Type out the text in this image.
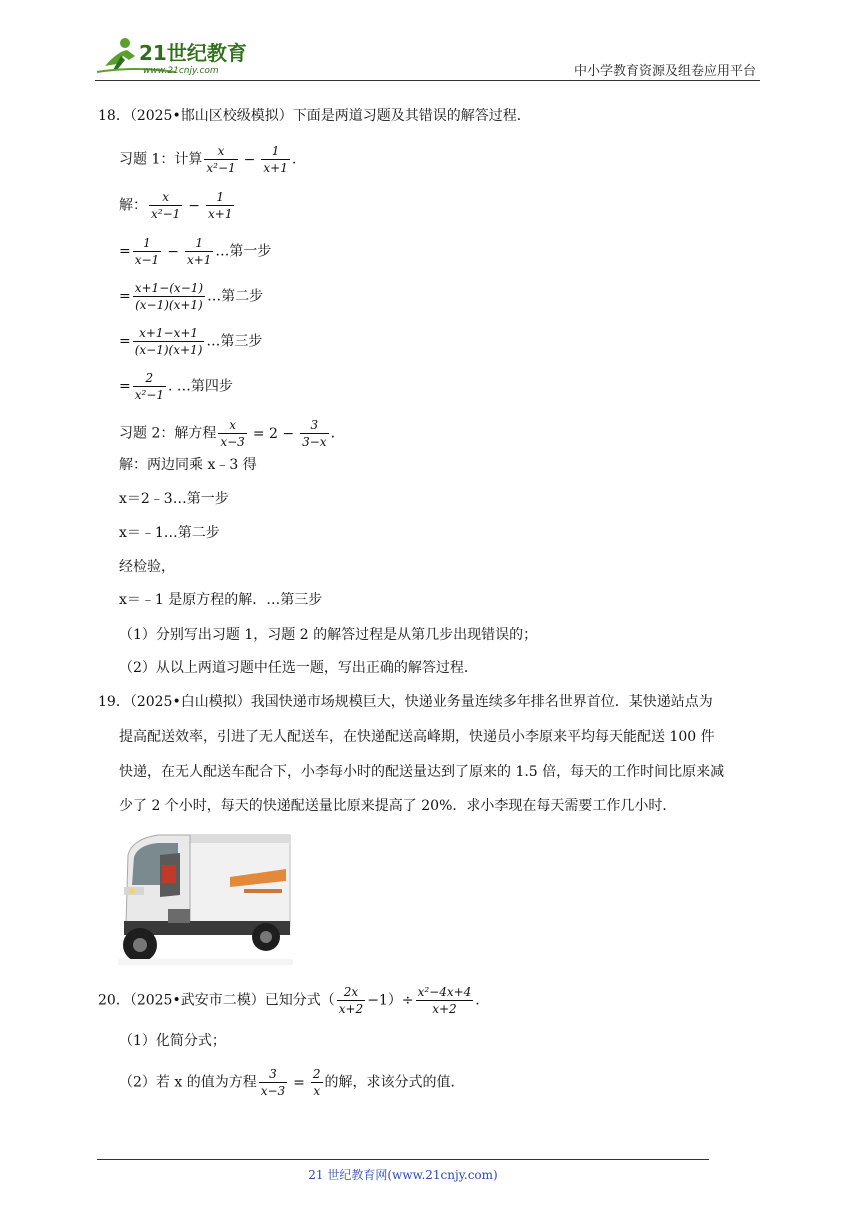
21世纪教育
www.21cnjy.com	中小学教育资源及组卷应用平台
18．（2025•邯山区校级模拟）下面是两道习题及其错误的解答过程．
习题 1：计算 $\frac{x}{\text{x²−1}} - \frac{1}{x+1}$ .
解： $\frac{x}{\text{x²−1}} - \frac{1}{x+1}$
= $\frac{1}{x-1} - \frac{1}{x+1}$ …第一步
= $\frac{x+1-(x-1)}{(x-1)(x+1)}$ …第二步
= $\frac{x+1-x+1}{(x-1)(x+1)}$ …第三步
= $\frac{2}{\text{x²−1}}$ . …第四步
习题 2：解方程 $\frac{x}{x-3} = 2 - \frac{3}{3-x}$ .
解：两边同乘 x﹣3 得
x＝2﹣3…第一步
x＝﹣1…第二步
经检验，
x＝﹣1 是原方程的解．…第三步
（1）分别写出习题 1，习题 2 的解答过程是从第几步出现错误的；
（2）从以上两道习题中任选一题，写出正确的解答过程．
19．（2025•白山模拟）我国快递市场规模巨大，快递业务量连续多年排名世界首位．某快递站点为
提高配送效率，引进了无人配送车，在快递配送高峰期，快递员小李原来平均每天能配送 100 件
快递，在无人配送车配合下，小李每小时的配送量达到了原来的 1.5 倍，每天的工作时间比原来减
少了 2 个小时，每天的快递配送量比原来提高了 20%．求小李现在每天需要工作几小时．
20．（2025•武安市二模）已知分式（ $\frac{2x}{x+2} -1)\div \frac{\text{x²−4x+4}}{x+2}$ .
（1）化简分式；
（2）若 x 的值为方程 $\frac{3}{x-3} = \frac{2}{x}$ 的解，求该分式的值．
21 世纪教育网(www.21cnjy.com)
